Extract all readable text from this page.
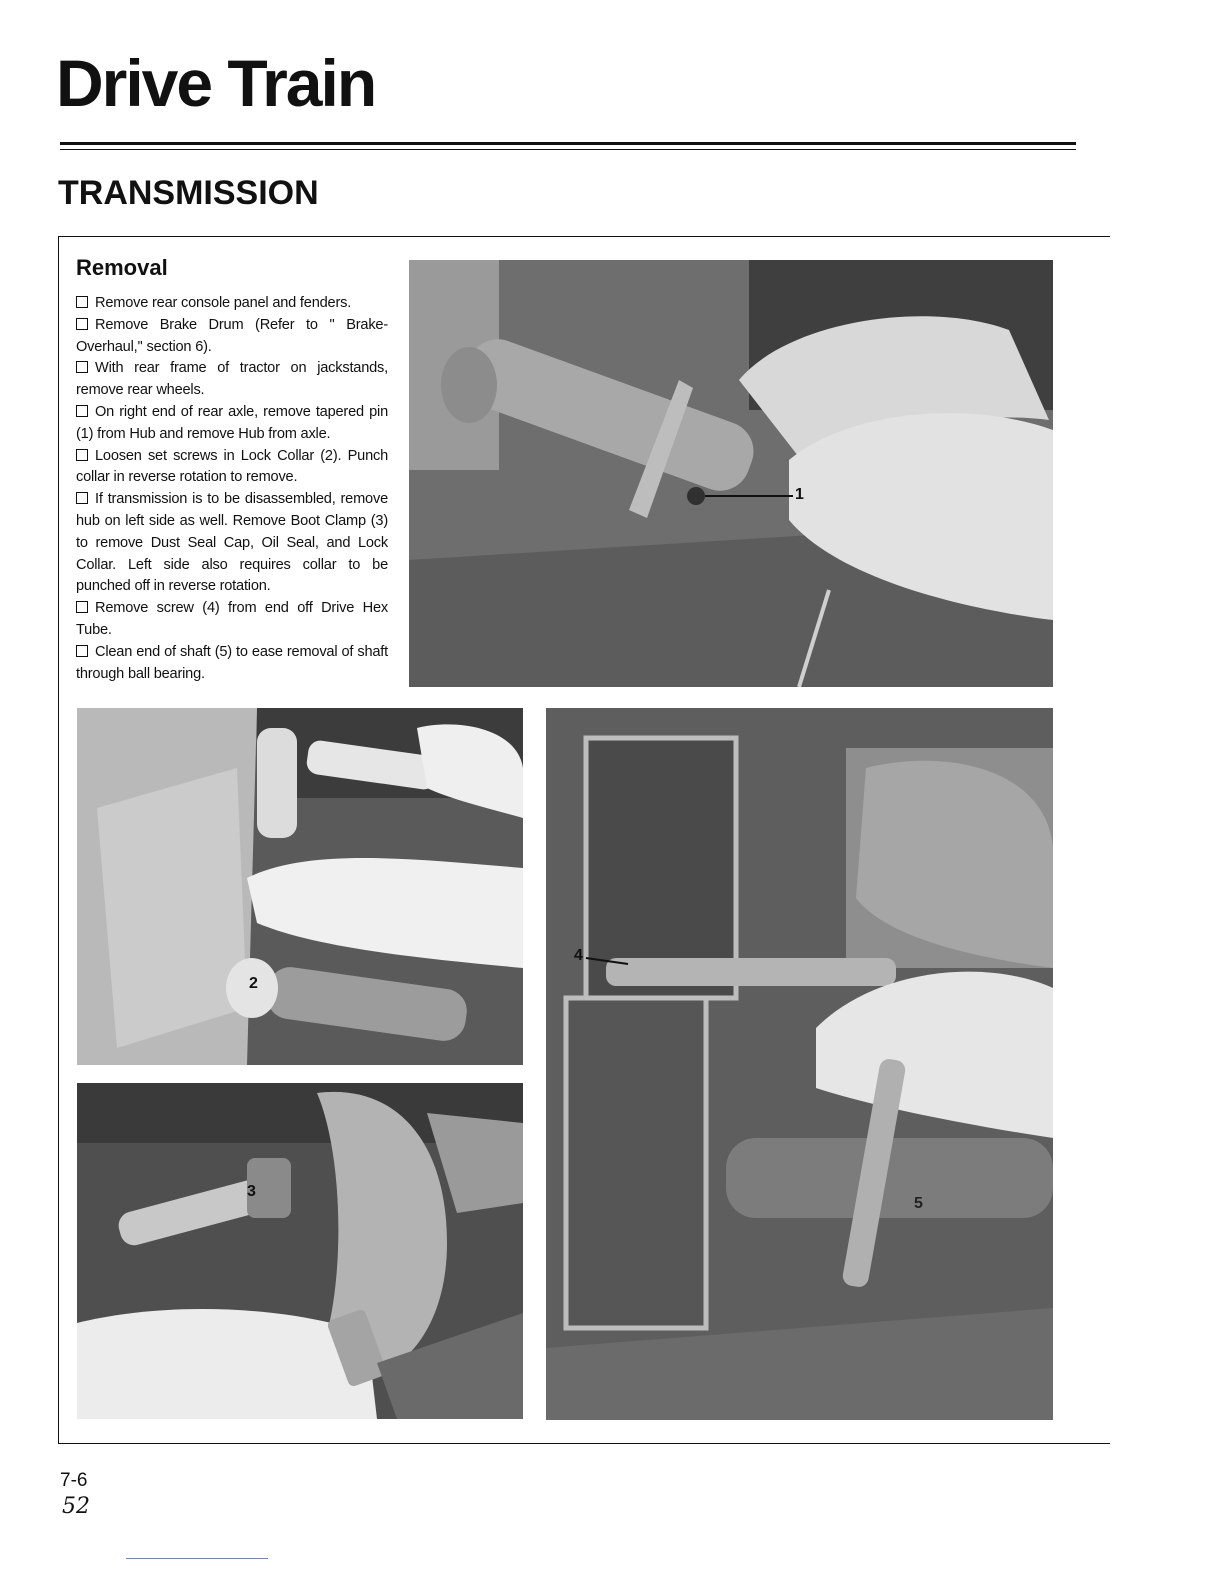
Drive Train
TRANSMISSION
Removal
Remove rear console panel and fenders.
Remove Brake Drum (Refer to '' Brake-Overhaul,'' section 6).
With rear frame of tractor on jackstands, remove rear wheels.
On right end of rear axle, remove tapered pin (1) from Hub and remove Hub from axle.
Loosen set screws in Lock Collar (2). Punch collar in reverse rotation to remove.
If transmission is to be disassembled, remove hub on left side as well. Remove Boot Clamp (3) to remove Dust Seal Cap, Oil Seal, and Lock Collar. Left side also requires collar to be punched off in reverse rotation.
Remove screw (4) from end off Drive Hex Tube.
Clean end of shaft (5) to ease removal of shaft through ball bearing.
1
2
4
5
3

7-6

52
